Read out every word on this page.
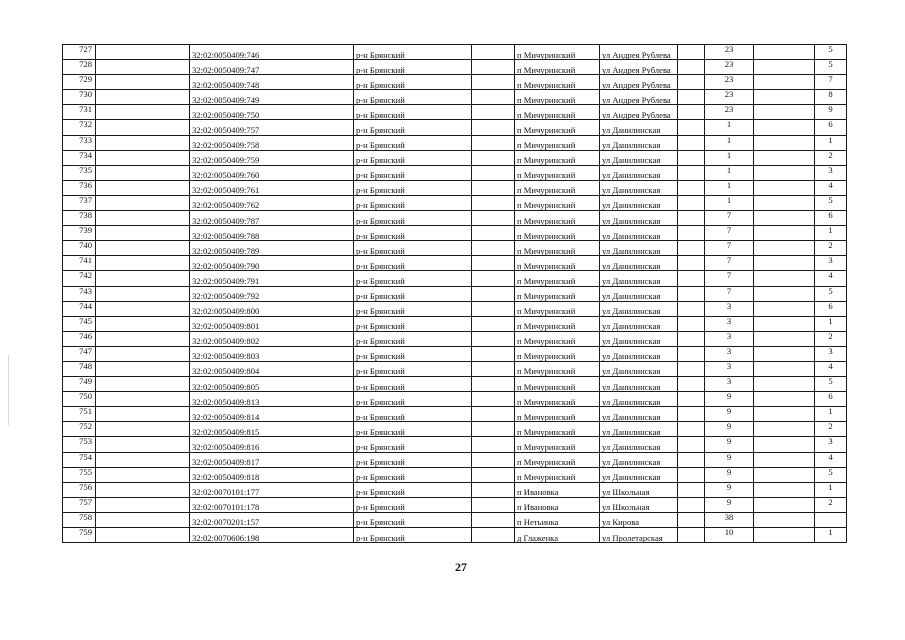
727		32:02:0050409:746	р-н Брянский		п Мичуринский	ул Андрея Рублева		23		5
728		32:02:0050409:747	р-н Брянский		п Мичуринский	ул Андрея Рублева		23		5
729		32:02:0050409:748	р-н Брянский		п Мичуринский	ул Андрея Рублева		23		7
730		32:02:0050409:749	р-н Брянский		п Мичуринский	ул Андрея Рублева		23		8
731		32:02:0050409:750	р-н Брянский		п Мичуринский	ул Андрея Рублева		23		9
732		32:02:0050409:757	р-н Брянский		п Мичуринский	ул Данилинская		1		6
733		32:02:0050409:758	р-н Брянский		п Мичуринский	ул Данилинская		1		1
734		32:02:0050409:759	р-н Брянский		п Мичуринский	ул Данилинская		1		2
735		32:02:0050409:760	р-н Брянский		п Мичуринский	ул Данилинская		1		3
736		32:02:0050409:761	р-н Брянский		п Мичуринский	ул Данилинская		1		4
737		32:02:0050409:762	р-н Брянский		п Мичуринский	ул Данилинская		1		5
738		32:02:0050409:787	р-н Брянский		п Мичуринский	ул Данилинская		7		6
739		32:02:0050409:788	р-н Брянский		п Мичуринский	ул Данилинская		7		1
740		32:02:0050409:789	р-н Брянский		п Мичуринский	ул Данилинская		7		2
741		32:02:0050409:790	р-н Брянский		п Мичуринский	ул Данилинская		7		3
742		32:02:0050409:791	р-н Брянский		п Мичуринский	ул Данилинская		7		4
743		32:02:0050409:792	р-н Брянский		п Мичуринский	ул Данилинская		7		5
744		32:02:0050409:800	р-н Брянский		п Мичуринский	ул Данилинская		3		6
745		32:02:0050409:801	р-н Брянский		п Мичуринский	ул Данилинская		3		1
746		32:02:0050409:802	р-н Брянский		п Мичуринский	ул Данилинская		3		2
747		32:02:0050409:803	р-н Брянский		п Мичуринский	ул Данилинская		3		3
748		32:02:0050409:804	р-н Брянский		п Мичуринский	ул Данилинская		3		4
749		32:02:0050409:805	р-н Брянский		п Мичуринский	ул Данилинская		3		5
750		32:02:0050409:813	р-н Брянский		п Мичуринский	ул Данилинская		9		6
751		32:02:0050409:814	р-н Брянский		п Мичуринский	ул Данилинская		9		1
752		32:02:0050409:815	р-н Брянский		п Мичуринский	ул Данилинская		9		2
753		32:02:0050409:816	р-н Брянский		п Мичуринский	ул Данилинская		9		3
754		32:02:0050409:817	р-н Брянский		п Мичуринский	ул Данилинская		9		4
755		32:02:0050409:818	р-н Брянский		п Мичуринский	ул Данилинская		9		5
756		32:02:0070101:177	р-н Брянский		п Ивановка	ул Школьная		9		1
757		32:02:0070101:178	р-н Брянский		п Ивановка	ул Школьная		9		2
758		32:02:0070201:157	р-н Брянский		п Нетьинка	ул Кирова		38		
759		32:02:0070606:198	р-н Брянский		д Глаженка	ул Пролетарская		10		1
27
